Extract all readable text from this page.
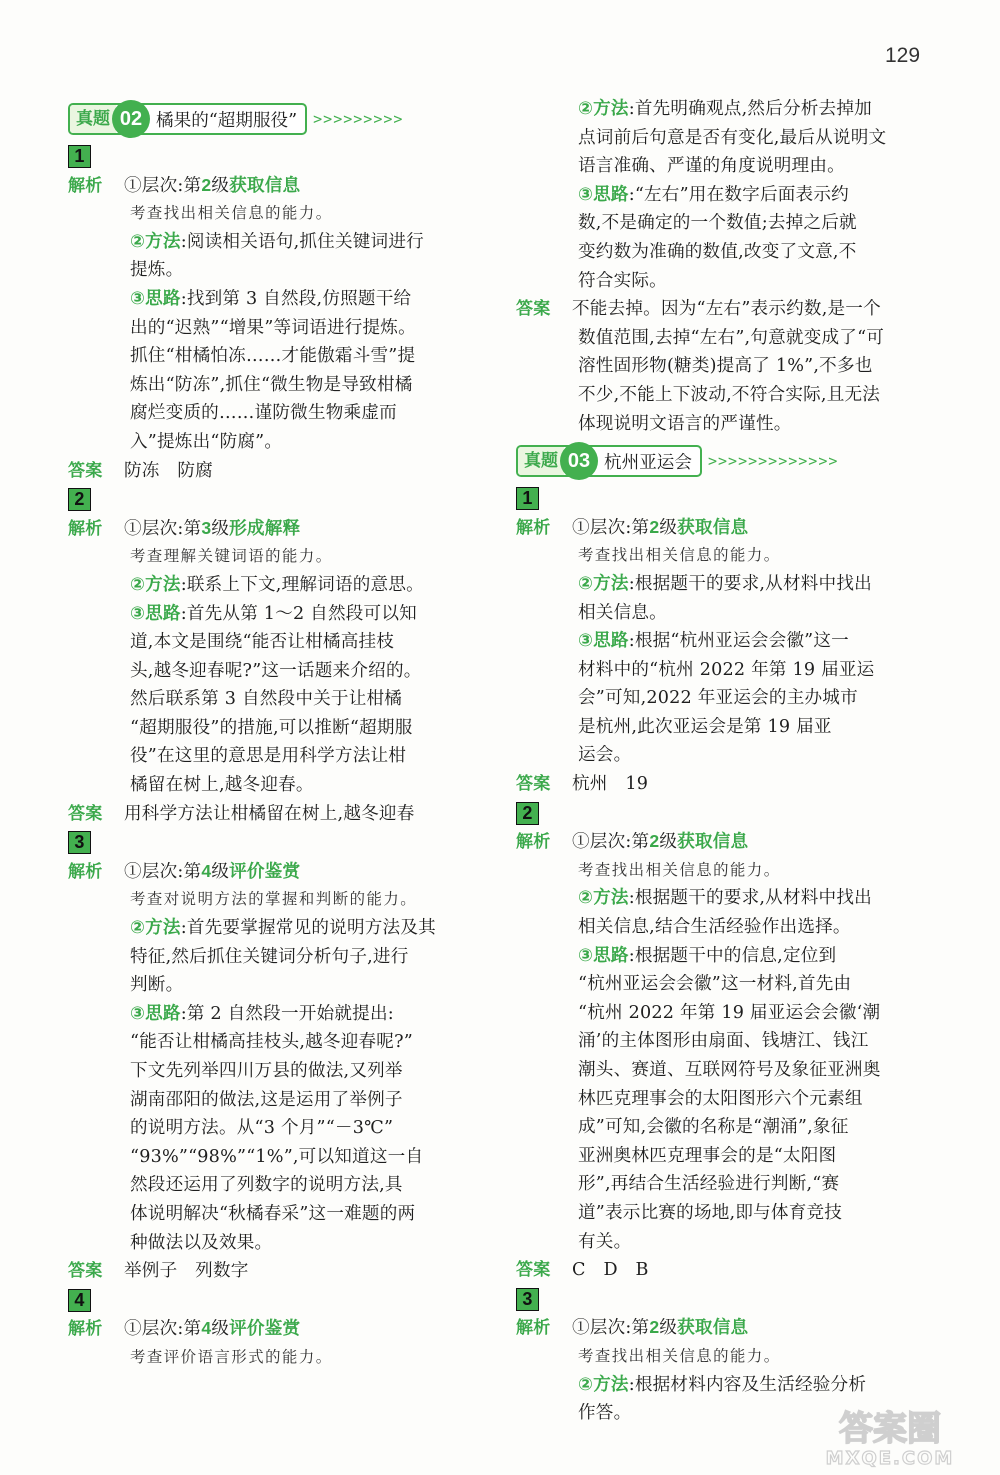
129
真题 02 橘果的“超期服役”	>>>>>>>>>
1
解析 ①层次:第2级获取信息
考查找出相关信息的能力。
②方法:阅读相关语句,抓住关键词进行
提炼。
③思路:找到第 3 自然段,仿照题干给
出的“迟熟”“增果”等词语进行提炼。
抓住“柑橘怕冻……才能傲霜斗雪”提
炼出“防冻”,抓住“微生物是导致柑橘
腐烂变质的……谨防微生物乘虚而
入”提炼出“防腐”。
答案 防冻　防腐
2
解析 ①层次:第3级形成解释
考查理解关键词语的能力。
②方法:联系上下文,理解词语的意思。
③思路:首先从第 1～2 自然段可以知
道,本文是围绕“能否让柑橘高挂枝
头,越冬迎春呢?”这一话题来介绍的。
然后联系第 3 自然段中关于让柑橘
“超期服役”的措施,可以推断“超期服
役”在这里的意思是用科学方法让柑
橘留在树上,越冬迎春。
答案 用科学方法让柑橘留在树上,越冬迎春
3
解析 ①层次:第4级评价鉴赏
考查对说明方法的掌握和判断的能力。
②方法:首先要掌握常见的说明方法及其
特征,然后抓住关键词分析句子,进行
判断。
③思路:第 2 自然段一开始就提出:
“能否让柑橘高挂枝头,越冬迎春呢?”
下文先列举四川万县的做法,又列举
湖南邵阳的做法,这是运用了举例子
的说明方法。从“3 个月”“－3℃”
“93%”“98%”“1%”,可以知道这一自
然段还运用了列数字的说明方法,具
体说明解决“秋橘春采”这一难题的两
种做法以及效果。
答案 举例子　列数字
4
解析 ①层次:第4级评价鉴赏
考查评价语言形式的能力。
②方法:首先明确观点,然后分析去掉加
点词前后句意是否有变化,最后从说明文
语言准确、严谨的角度说明理由。
③思路:“左右”用在数字后面表示约
数,不是确定的一个数值;去掉之后就
变约数为准确的数值,改变了文意,不
符合实际。
答案 不能去掉。因为“左右”表示约数,是一个
数值范围,去掉“左右”,句意就变成了“可
溶性固形物(糖类)提高了 1%”,不多也
不少,不能上下波动,不符合实际,且无法
体现说明文语言的严谨性。
真题 03 杭州亚运会	>>>>>>>>>>>>>
1
解析 ①层次:第2级获取信息
考查找出相关信息的能力。
②方法:根据题干的要求,从材料中找出
相关信息。
③思路:根据“杭州亚运会会徽”这一
材料中的“杭州 2022 年第 19 届亚运
会”可知,2022 年亚运会的主办城市
是杭州,此次亚运会是第 19 届亚
运会。
答案 杭州　19
2
解析 ①层次:第2级获取信息
考查找出相关信息的能力。
②方法:根据题干的要求,从材料中找出
相关信息,结合生活经验作出选择。
③思路:根据题干中的信息,定位到
“杭州亚运会会徽”这一材料,首先由
“杭州 2022 年第 19 届亚运会会徽‘潮
涌’的主体图形由扇面、钱塘江、钱江
潮头、赛道、互联网符号及象征亚洲奥
林匹克理事会的太阳图形六个元素组
成”可知,会徽的名称是“潮涌”,象征
亚洲奥林匹克理事会的是“太阳图
形”,再结合生活经验进行判断,“赛
道”表示比赛的场地,即与体育竞技
有关。
答案 C　D　B
3
解析 ①层次:第2级获取信息
考查找出相关信息的能力。
②方法:根据材料内容及生活经验分析
作答。	答案圈
MXQE.COM
